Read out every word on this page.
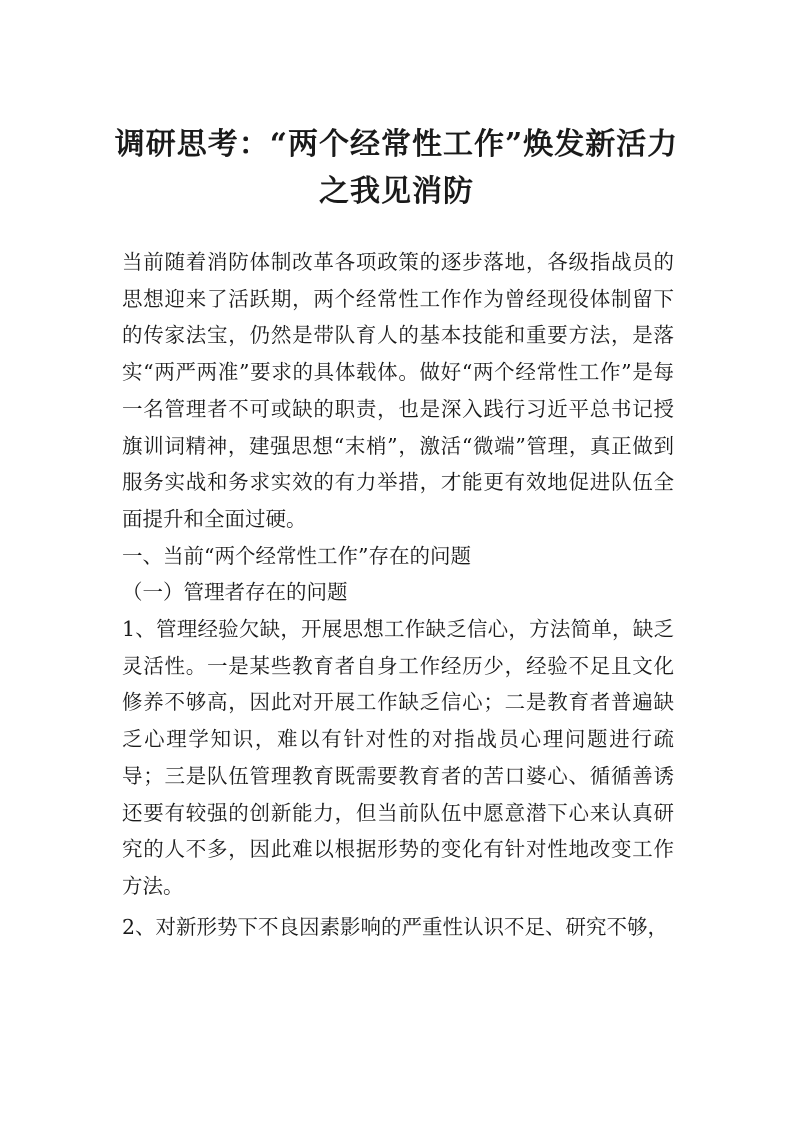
调研思考：“两个经常性工作”焕发新活力
之我见消防

当前随着消防体制改革各项政策的逐步落地，各级指战员的思想迎来了活跃期，两个经常性工作作为曾经现役体制留下的传家法宝，仍然是带队育人的基本技能和重要方法，是落实“两严两准”要求的具体载体。做好“两个经常性工作”是每一名管理者不可或缺的职责，也是深入践行习近平总书记授旗训词精神，建强思想“末梢”，激活“微端”管理，真正做到服务实战和务求实效的有力举措，才能更有效地促进队伍全面提升和全面过硬。

一、当前“两个经常性工作”存在的问题

（一）管理者存在的问题

1、管理经验欠缺，开展思想工作缺乏信心，方法简单，缺乏灵活性。一是某些教育者自身工作经历少，经验不足且文化修养不够高，因此对开展工作缺乏信心；二是教育者普遍缺乏心理学知识，难以有针对性的对指战员心理问题进行疏导；三是队伍管理教育既需要教育者的苦口婆心、循循善诱还要有较强的创新能力，但当前队伍中愿意潜下心来认真研究的人不多，因此难以根据形势的变化有针对性地改变工作方法。

2、对新形势下不良因素影响的严重性认识不足、研究不够，
